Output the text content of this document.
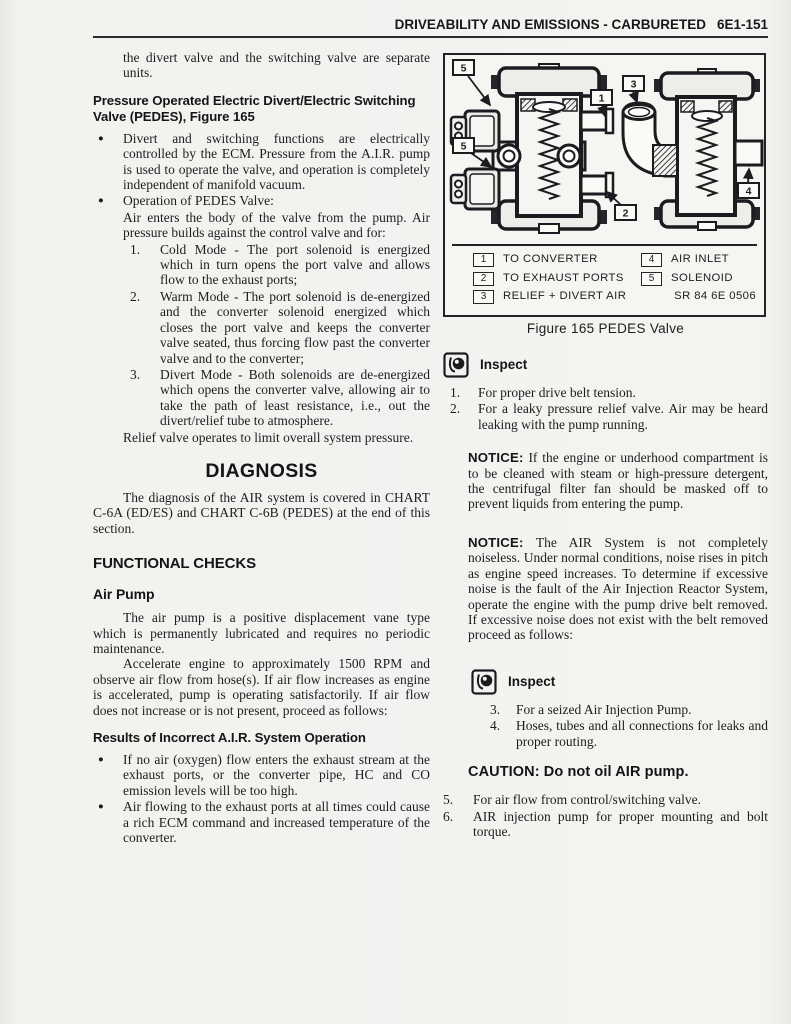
DRIVEABILITY AND EMISSIONS - CARBURETED 6E1-151

the divert valve and the switching valve are separate units.

Pressure Operated Electric Divert/Electric Switching Valve (PEDES), Figure 165
● Divert and switching functions are electrically controlled by the ECM. Pressure from the A.I.R. pump is used to operate the valve, and operation is completely independent of manifold vacuum.
● Operation of PEDES Valve:

Air enters the body of the valve from the pump. Air pressure builds against the control valve and for:

1. Cold Mode - The port solenoid is energized which in turn opens the port valve and allows flow to the exhaust ports;
2. Warm Mode - The port solenoid is de-energized and the converter solenoid energized which closes the port valve and keeps the converter valve seated, thus forcing flow past the converter valve and to the converter;
3. Divert Mode - Both solenoids are de-energized which opens the converter valve, allowing air to take the path of least resistance, i.e., out the divert/relief tube to atmosphere.

Relief valve operates to limit overall system pressure.

DIAGNOSIS

The diagnosis of the AIR system is covered in CHART C-6A (ED/ES) and CHART C-6B (PEDES) at the end of this section.

FUNCTIONAL CHECKS
Air Pump

The air pump is a positive displacement vane type which is permanently lubricated and requires no periodic maintenance.

Accelerate engine to approximately 1500 RPM and observe air flow from hose(s). If air flow increases as engine is accelerated, pump is operating satisfactorily. If air flow does not increase or is not present, proceed as follows:

Results of Incorrect A.I.R. System Operation
● If no air (oxygen) flow enters the exhaust stream at the exhaust ports, or the converter pipe, HC and CO emission levels will be too high.
● Air flowing to the exhaust ports at all times could cause a rich ECM command and increased temperature of the converter.
5
5
1
2
3
4
1	TO CONVERTER
2	TO EXHAUST PORTS
3	RELIEF + DIVERT AIR
4	AIR INLET
5	SOLENOID
SR 84 6E 0506

Figure 165 PEDES Valve

Inspect
1. For proper drive belt tension.
2. For a leaky pressure relief valve. Air may be heard leaking with the pump running.

NOTICE: If the engine or underhood compartment is to be cleaned with steam or high-pressure detergent, the centrifugal filter fan should be masked off to prevent liquids from entering the pump.

NOTICE: The AIR System is not completely noiseless. Under normal conditions, noise rises in pitch as engine speed increases. To determine if excessive noise is the fault of the Air Injection Reactor System, operate the engine with the pump drive belt removed. If excessive noise does not exist with the belt removed proceed as follows:

Inspect
3. For a seized Air Injection Pump.
4. Hoses, tubes and all connections for leaks and proper routing.

CAUTION: Do not oil AIR pump.

5. For air flow from control/switching valve.
6. AIR injection pump for proper mounting and bolt torque.
